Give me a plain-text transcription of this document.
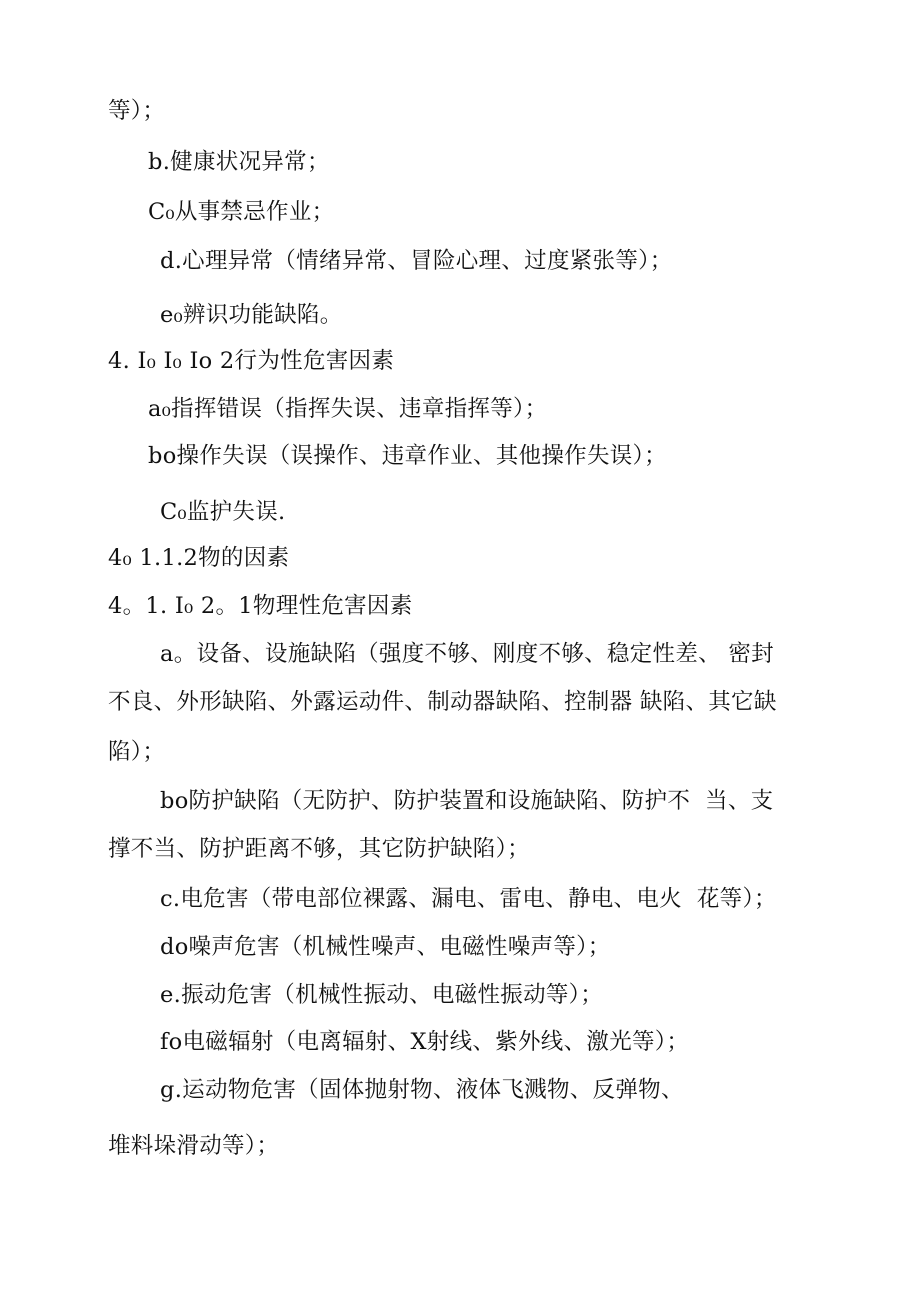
等）；
b.健康状况异常；
C₀从事禁忌作业；
d.心理异常（情绪异常、冒险心理、过度紧张等）；
e₀辨识功能缺陷。
4. I₀ I₀ Io 2行为性危害因素
a₀指挥错误（指挥失误、违章指挥等）；
bo操作失误（误操作、违章作业、其他操作失误）；
C₀监护失误.
4₀ 1.1.2物的因素
4。1. I₀ 2。1物理性危害因素
a。设备、设施缺陷（强度不够、刚度不够、稳定性差、 密封
不良、外形缺陷、外露运动件、制动器缺陷、控制器 缺陷、其它缺
陷）；
bo防护缺陷（无防护、防护装置和设施缺陷、防护不  当、支
撑不当、防护距离不够，其它防护缺陷）；
c.电危害（带电部位裸露、漏电、雷电、静电、电火  花等）；
do噪声危害（机械性噪声、电磁性噪声等）；
e.振动危害（机械性振动、电磁性振动等）；
fo电磁辐射（电离辐射、X射线、紫外线、激光等）；
g.运动物危害（固体抛射物、液体飞溅物、反弹物、
堆料垛滑动等）；
